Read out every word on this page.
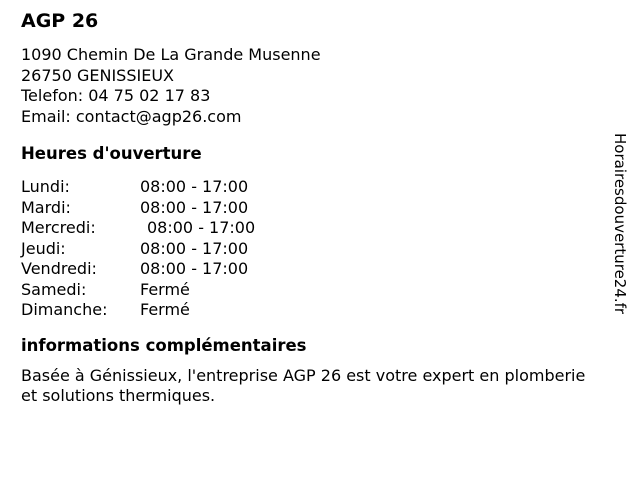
AGP 26
1090 Chemin De La Grande Musenne
26750 GENISSIEUX
Telefon: 04 75 02 17 83
Email: contact@agp26.com
Heures d'ouverture
Lundi:	08:00 - 17:00
Mardi:	08:00 - 17:00
Mercredi:	08:00 - 17:00
Jeudi:	08:00 - 17:00
Vendredi:	08:00 - 17:00
Samedi:	Fermé
Dimanche:	Fermé
informations complémentaires

Basée à Génissieux, l'entreprise AGP 26 est votre expert en plomberie et solutions thermiques.

Horairesdouverture24.fr
